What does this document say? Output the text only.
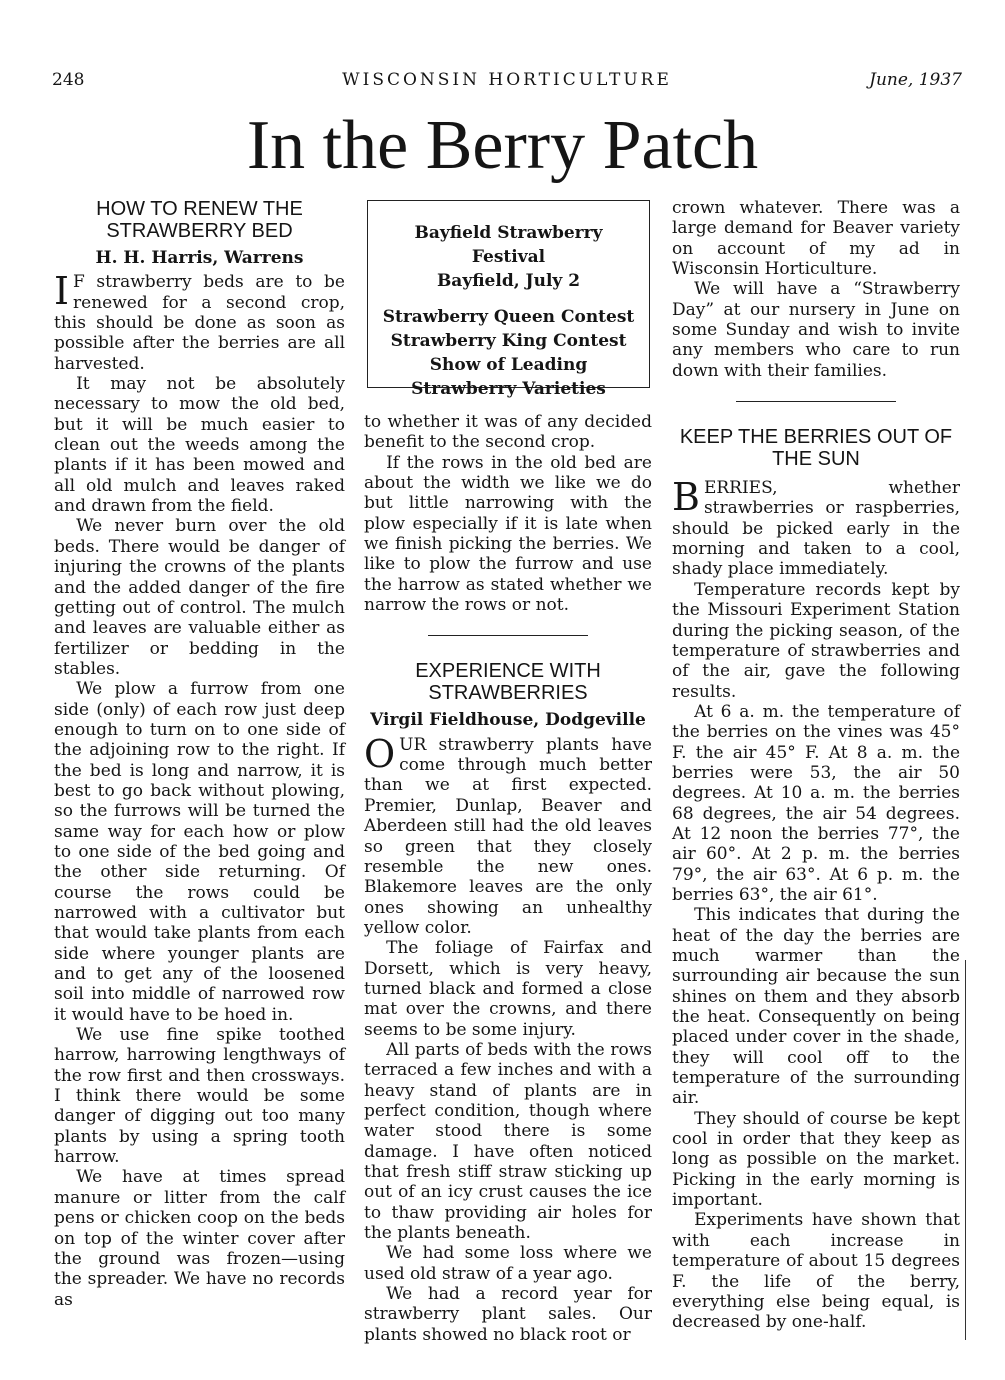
248	WISCONSIN HORTICULTURE	June, 1937
In the Berry Patch
HOW TO RENEW THE STRAWBERRY BED
H. H. Harris, Warrens

I F strawberry beds are to be renewed for a second crop, this should be done as soon as possible after the berries are all harvested.

It may not be absolutely necessary to mow the old bed, but it will be much easier to clean out the weeds among the plants if it has been mowed and all old mulch and leaves raked and drawn from the field.

We never burn over the old beds. There would be danger of injuring the crowns of the plants and the added danger of the fire getting out of control. The mulch and leaves are valuable either as fertilizer or bedding in the stables.

We plow a furrow from one side (only) of each row just deep enough to turn on to one side of the adjoining row to the right. If the bed is long and narrow, it is best to go back without plowing, so the furrows will be turned the same way for each how or plow to one side of the bed going and the other side returning. Of course the rows could be narrowed with a cultivator but that would take plants from each side where younger plants are and to get any of the loosened soil into middle of narrowed row it would have to be hoed in.

We use fine spike toothed harrow, harrowing lengthways of the row first and then crossways. I think there would be some danger of digging out too many plants by using a spring tooth harrow.

We have at times spread manure or litter from the calf pens or chicken coop on the beds on top of the winter cover after the ground was frozen—using the spreader. We have no records as

Bayfield Strawberry Festival
Bayfield, July 2
Strawberry Queen Contest
Strawberry King Contest
Show of Leading Strawberry Varieties

to whether it was of any decided benefit to the second crop.

If the rows in the old bed are about the width we like we do but little narrowing with the plow especially if it is late when we finish picking the berries. We like to plow the furrow and use the harrow as stated whether we narrow the rows or not.

EXPERIENCE WITH STRAWBERRIES
Virgil Fieldhouse, Dodgeville

OUR strawberry plants have come through much better than we at first expected. Premier, Dunlap, Beaver and Aberdeen still had the old leaves so green that they closely resemble the new ones. Blakemore leaves are the only ones showing an unhealthy yellow color.

The foliage of Fairfax and Dorsett, which is very heavy, turned black and formed a close mat over the crowns, and there seems to be some injury.

All parts of beds with the rows terraced a few inches and with a heavy stand of plants are in perfect condition, though where water stood there is some damage. I have often noticed that fresh stiff straw sticking up out of an icy crust causes the ice to thaw providing air holes for the plants beneath.

We had some loss where we used old straw of a year ago.

We had a record year for strawberry plant sales. Our plants showed no black root or

crown whatever. There was a large demand for Beaver variety on account of my ad in Wisconsin Horticulture.

We will have a “Strawberry Day” at our nursery in June on some Sunday and wish to invite any members who care to run down with their families.

KEEP THE BERRIES OUT OF THE SUN

BERRIES, whether strawberries or raspberries, should be picked early in the morning and taken to a cool, shady place immediately.

Temperature records kept by the Missouri Experiment Station during the picking season, of the temperature of strawberries and of the air, gave the following results.

At 6 a. m. the temperature of the berries on the vines was 45° F. the air 45° F. At 8 a. m. the berries were 53, the air 50 degrees. At 10 a. m. the berries 68 degrees, the air 54 degrees. At 12 noon the berries 77°, the air 60°. At 2 p. m. the berries 79°, the air 63°. At 6 p. m. the berries 63°, the air 61°.

This indicates that during the heat of the day the berries are much warmer than the surrounding air because the sun shines on them and they absorb the heat. Consequently on being placed under cover in the shade, they will cool off to the temperature of the surrounding air.

They should of course be kept cool in order that they keep as long as possible on the market. Picking in the early morning is important.

Experiments have shown that with each increase in temperature of about 15 degrees F. the life of the berry, everything else being equal, is decreased by one-half.
